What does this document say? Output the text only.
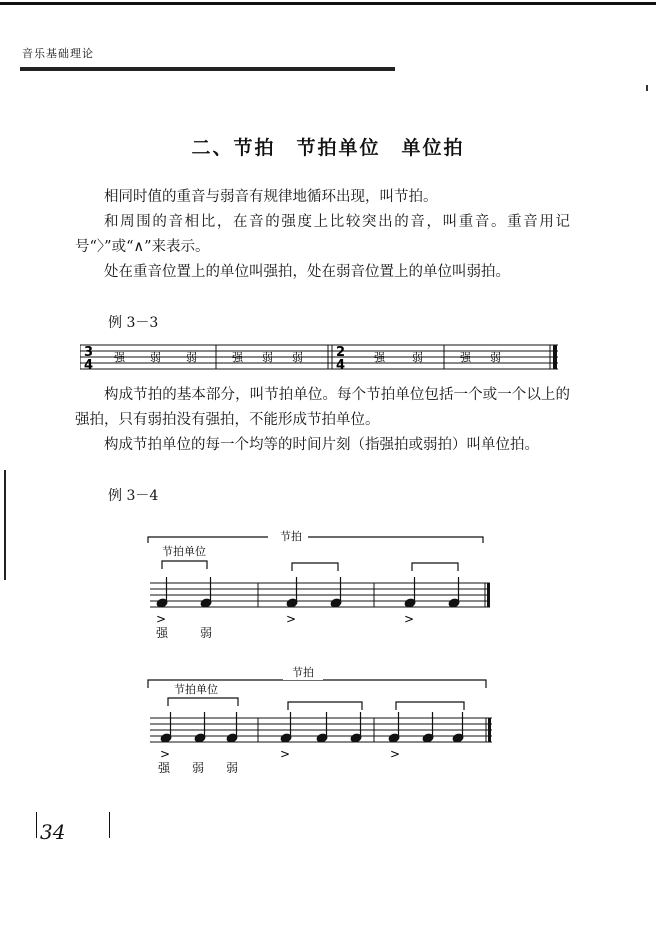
音乐基础理论
二、节拍　节拍单位　单位拍
相同时值的重音与弱音有规律地循环出现，叫节拍。
和周围的音相比，在音的强度上比较突出的音，叫重音。重音用记号“〉”或“∧”来表示。
处在重音位置上的单位叫强拍，处在弱音位置上的单位叫弱拍。
例 3－3
3
4
2
4
强 弱 弱	强 弱 弱	强 弱	强 弱
构成节拍的基本部分，叫节拍单位。每个节拍单位包括一个或一个以上的强拍，只有弱拍没有强拍，不能形成节拍单位。
构成节拍单位的每一个均等的时间片刻（指强拍或弱拍）叫单位拍。
例 3－4
节拍
节拍单位
>	>	>
强	弱
节拍
节拍单位
>	>	>
强 弱 弱
34
